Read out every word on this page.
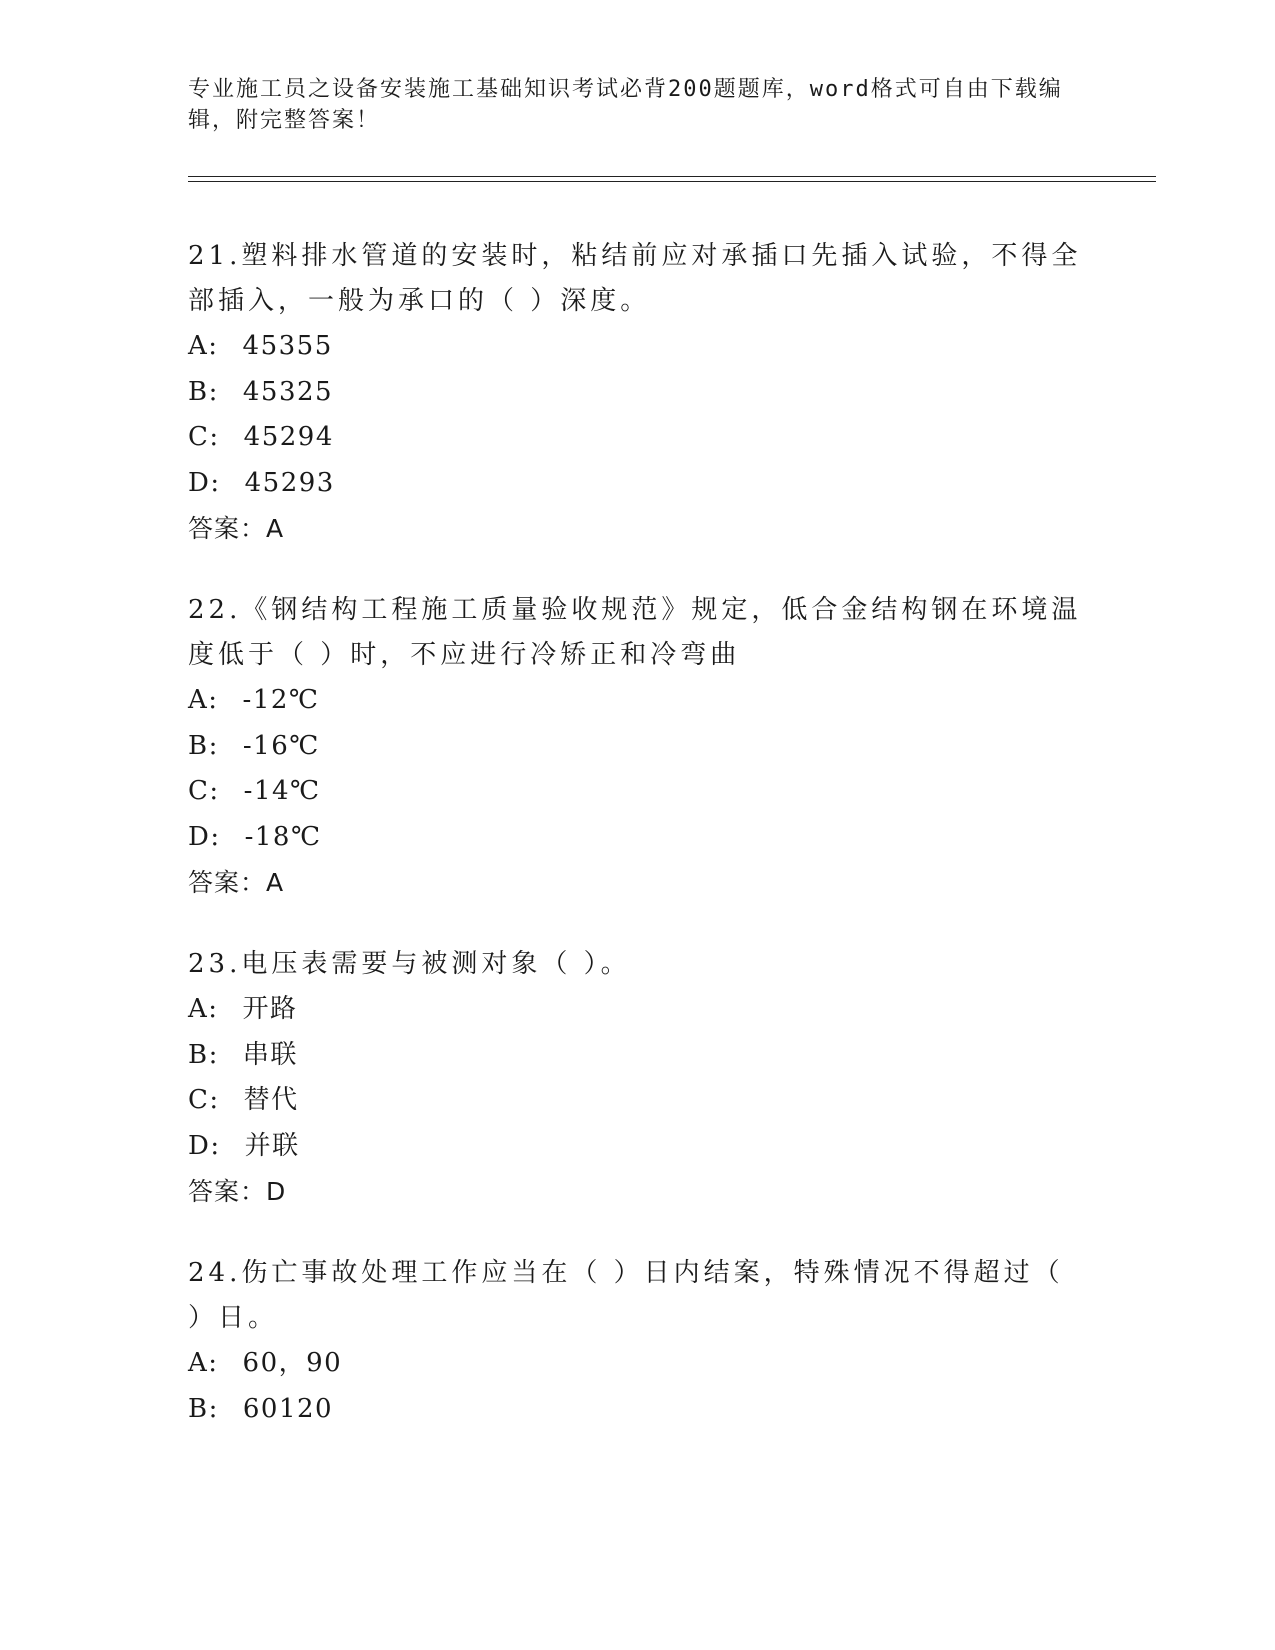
专业施工员之设备安装施工基础知识考试必背200题题库，word格式可自由下载编辑，附完整答案！

21.塑料排水管道的安装时，粘结前应对承插口先插入试验，不得全部插入，一般为承口的（ ）深度。

A: 45355
B: 45325
C: 45294
D: 45293
答案：A

22.《钢结构工程施工质量验收规范》规定，低合金结构钢在环境温度低于（ ）时，不应进行冷矫正和冷弯曲

A: -12℃
B: -16℃
C: -14℃
D: -18℃
答案：A

23.电压表需要与被测对象（ ）。

A: 开路
B: 串联
C: 替代
D: 并联
答案：D

24.伤亡事故处理工作应当在（ ）日内结案，特殊情况不得超过（ ）日。

A: 60，90
B: 60120
